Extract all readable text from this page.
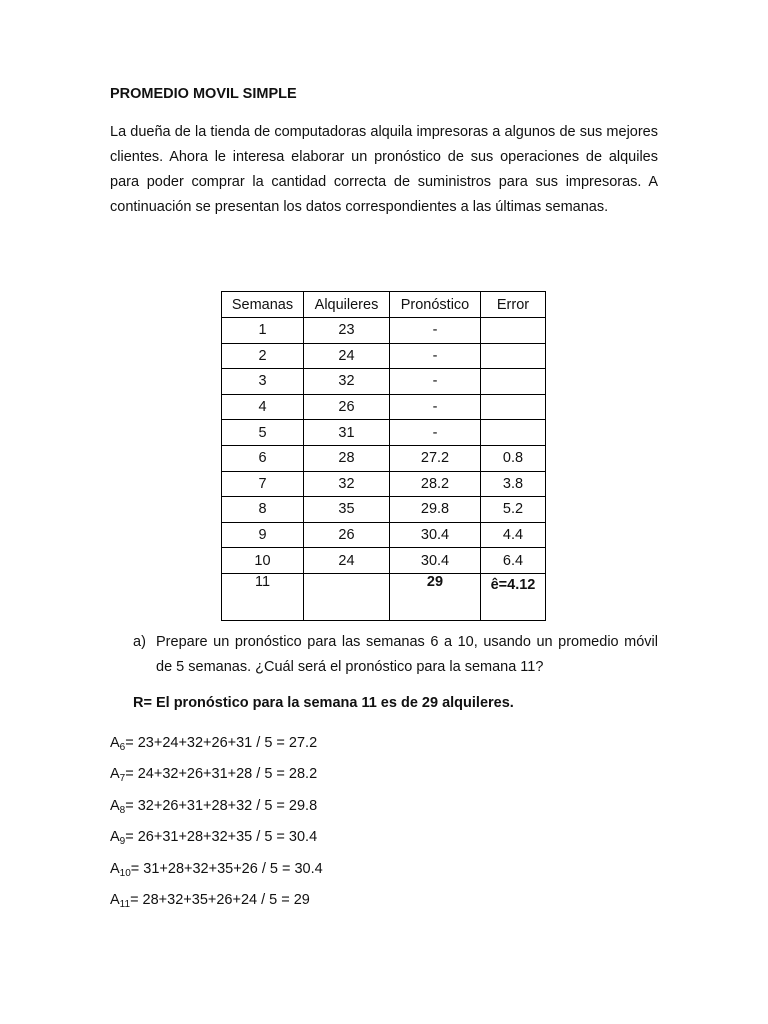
PROMEDIO MOVIL SIMPLE

La dueña de la tienda de computadoras alquila impresoras a algunos de sus mejores clientes. Ahora le interesa elaborar un pronóstico de sus operaciones de alquiles para poder comprar la cantidad correcta de suministros para sus impresoras. A continuación se presentan los datos correspondientes a las últimas semanas.

Semanas	Alquileres	Pronóstico	Error
1	23	-	
2	24	-	
3	32	-	
4	26	-	
5	31	-	
6	28	27.2	0.8
7	32	28.2	3.8
8	35	29.8	5.2
9	26	30.4	4.4
10	24	30.4	6.4
11		29	ê=4.12
a) Prepare un pronóstico para las semanas 6 a 10, usando un promedio móvil de 5 semanas. ¿Cuál será el pronóstico para la semana 11?

R= El pronóstico para la semana 11 es de 29 alquileres.

$A_6= 23+24+32+26+31 / 5 = 27.2$

$A_7= 24+32+26+31+28 / 5 = 28.2$

$A_8= 32+26+31+28+32 / 5 = 29.8$

$A_9= 26+31+28+32+35 / 5 = 30.4$

$A_{10}= 31+28+32+35+26 / 5 = 30.4$

$A_{11}= 28+32+35+26+24 / 5 = 29$
